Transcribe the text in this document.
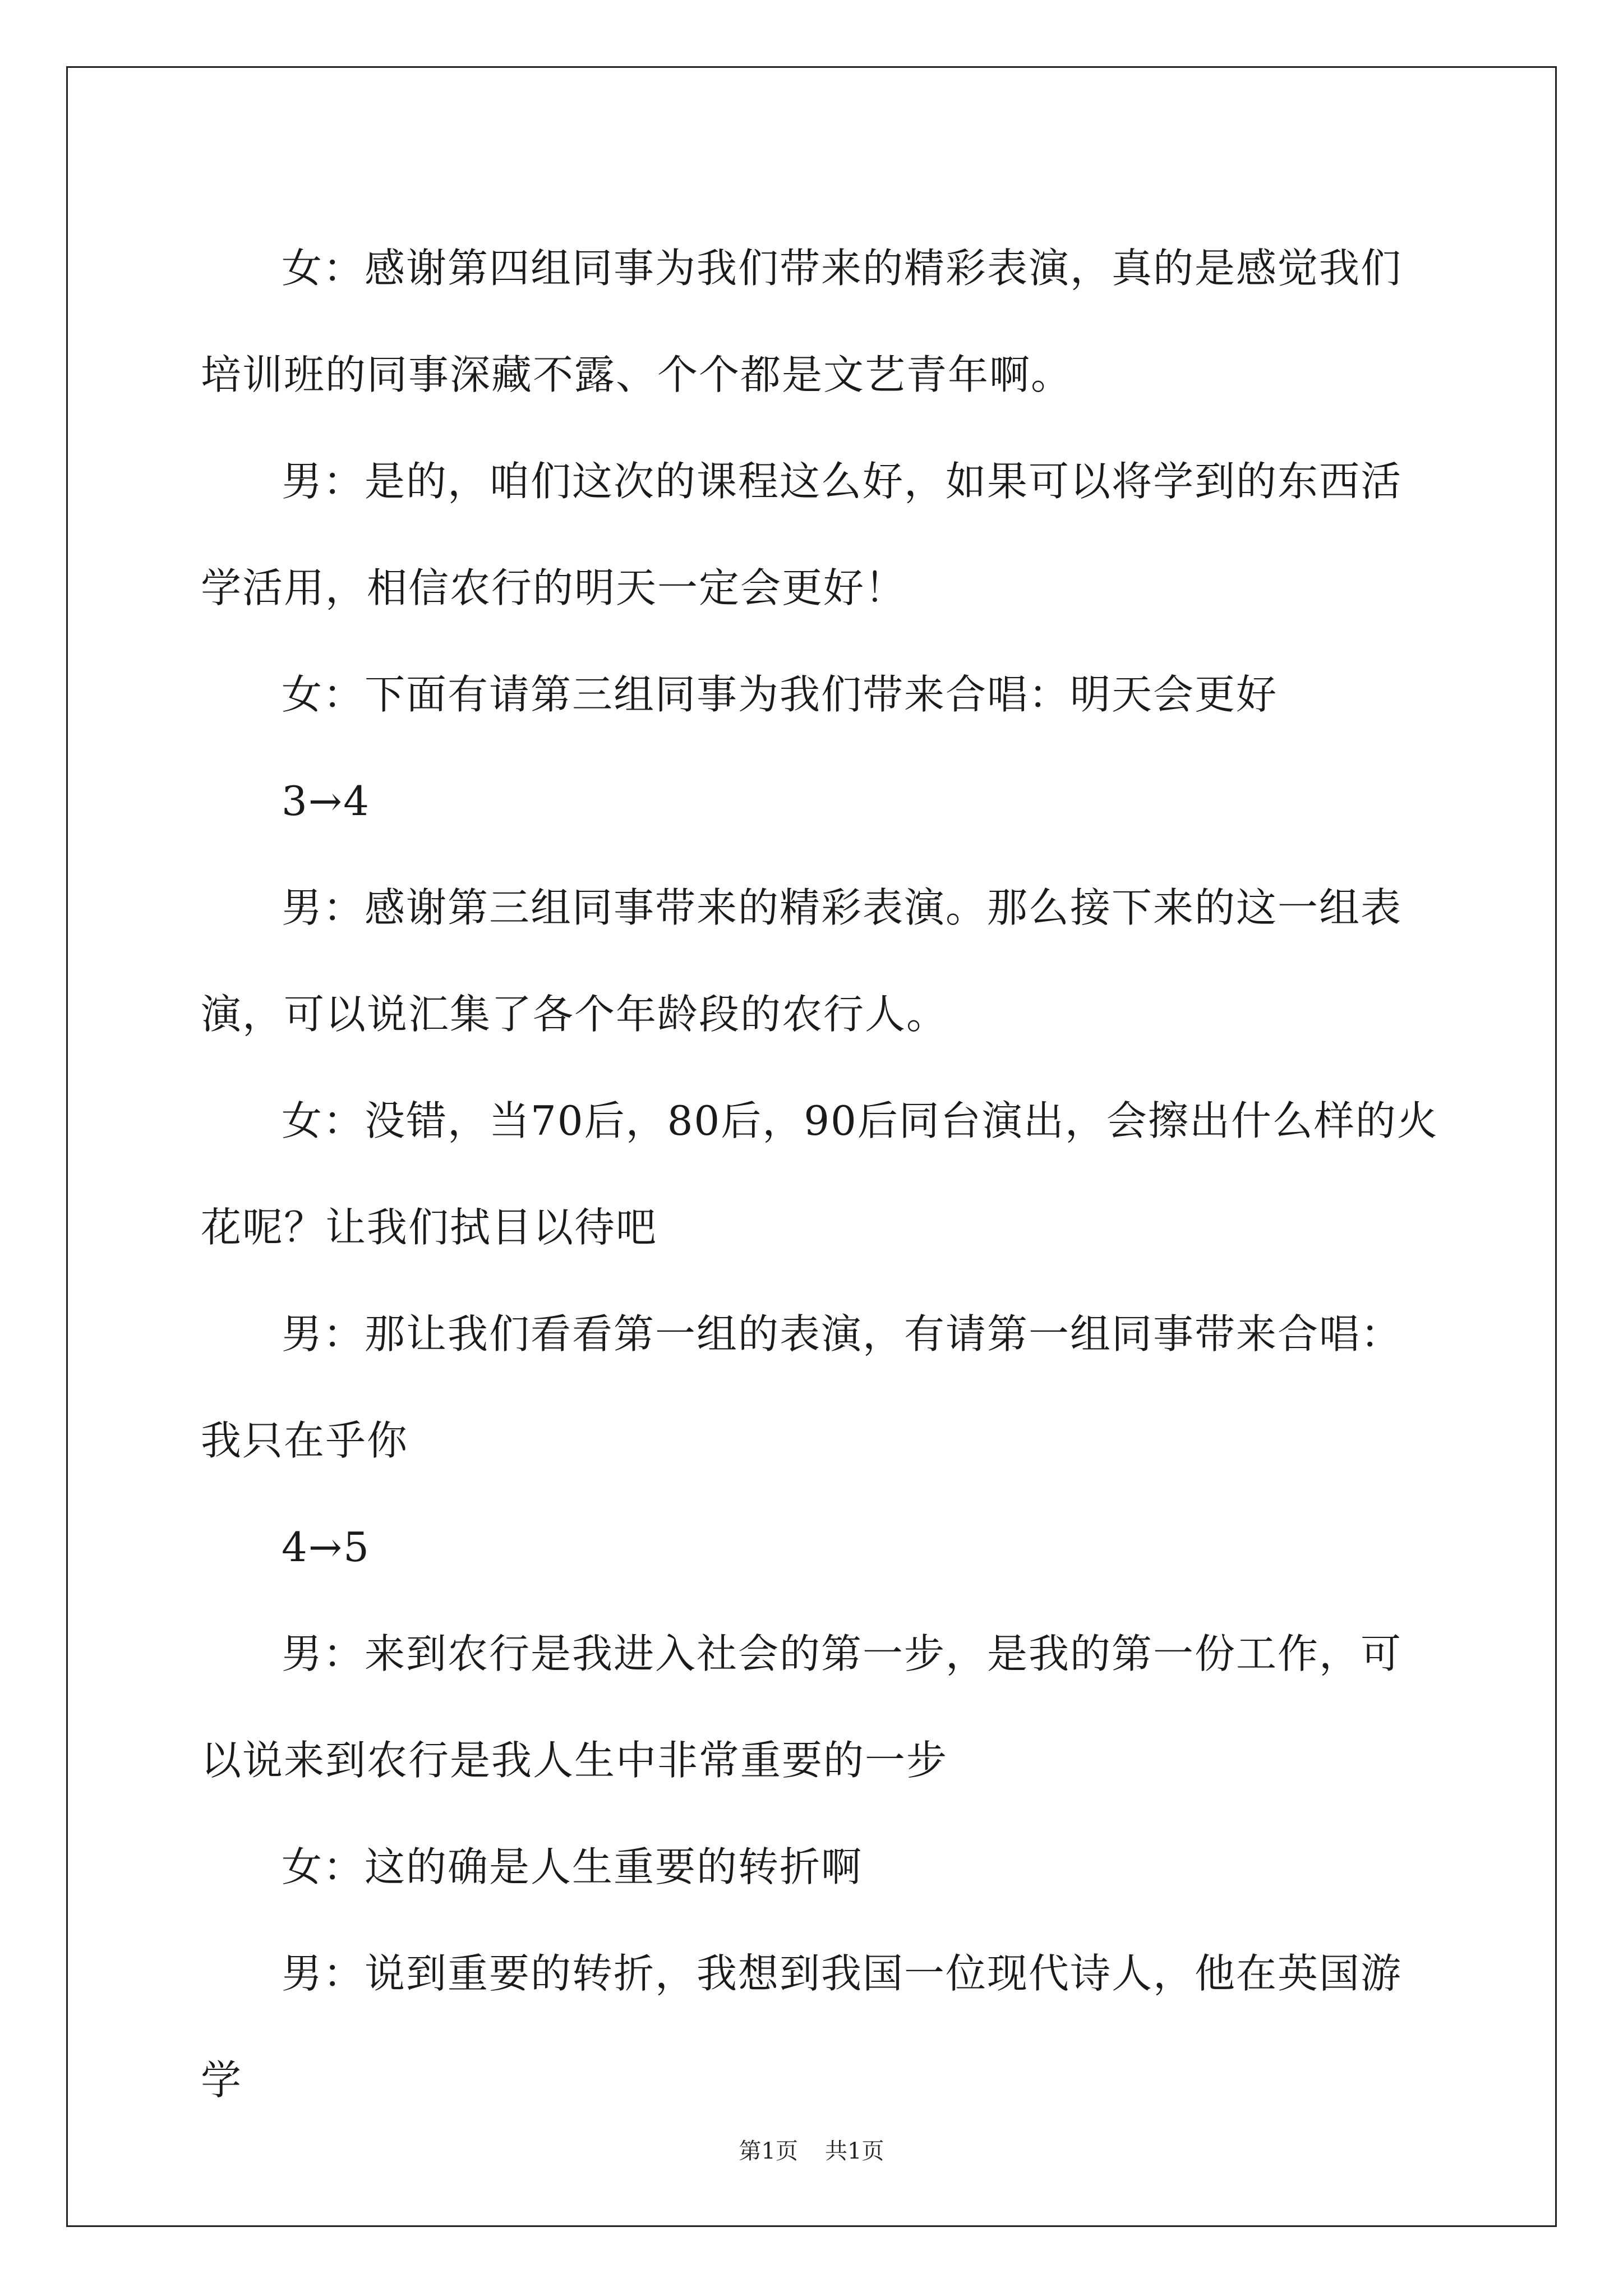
女：感谢第四组同事为我们带来的精彩表演，真的是感觉我们培训班的同事深藏不露、个个都是文艺青年啊。

男：是的，咱们这次的课程这么好，如果可以将学到的东西活学活用，相信农行的明天一定会更好！

女：下面有请第三组同事为我们带来合唱：明天会更好

3→4

男：感谢第三组同事带来的精彩表演。那么接下来的这一组表演，可以说汇集了各个年龄段的农行人。

女：没错，当70后，80后，90后同台演出，会擦出什么样的火花呢？让我们拭目以待吧

男：那让我们看看第一组的表演，有请第一组同事带来合唱：我只在乎你

4→5

男：来到农行是我进入社会的第一步，是我的第一份工作，可以说来到农行是我人生中非常重要的一步

女：这的确是人生重要的转折啊

男：说到重要的转折，我想到我国一位现代诗人，他在英国游学

第1页 共1页
